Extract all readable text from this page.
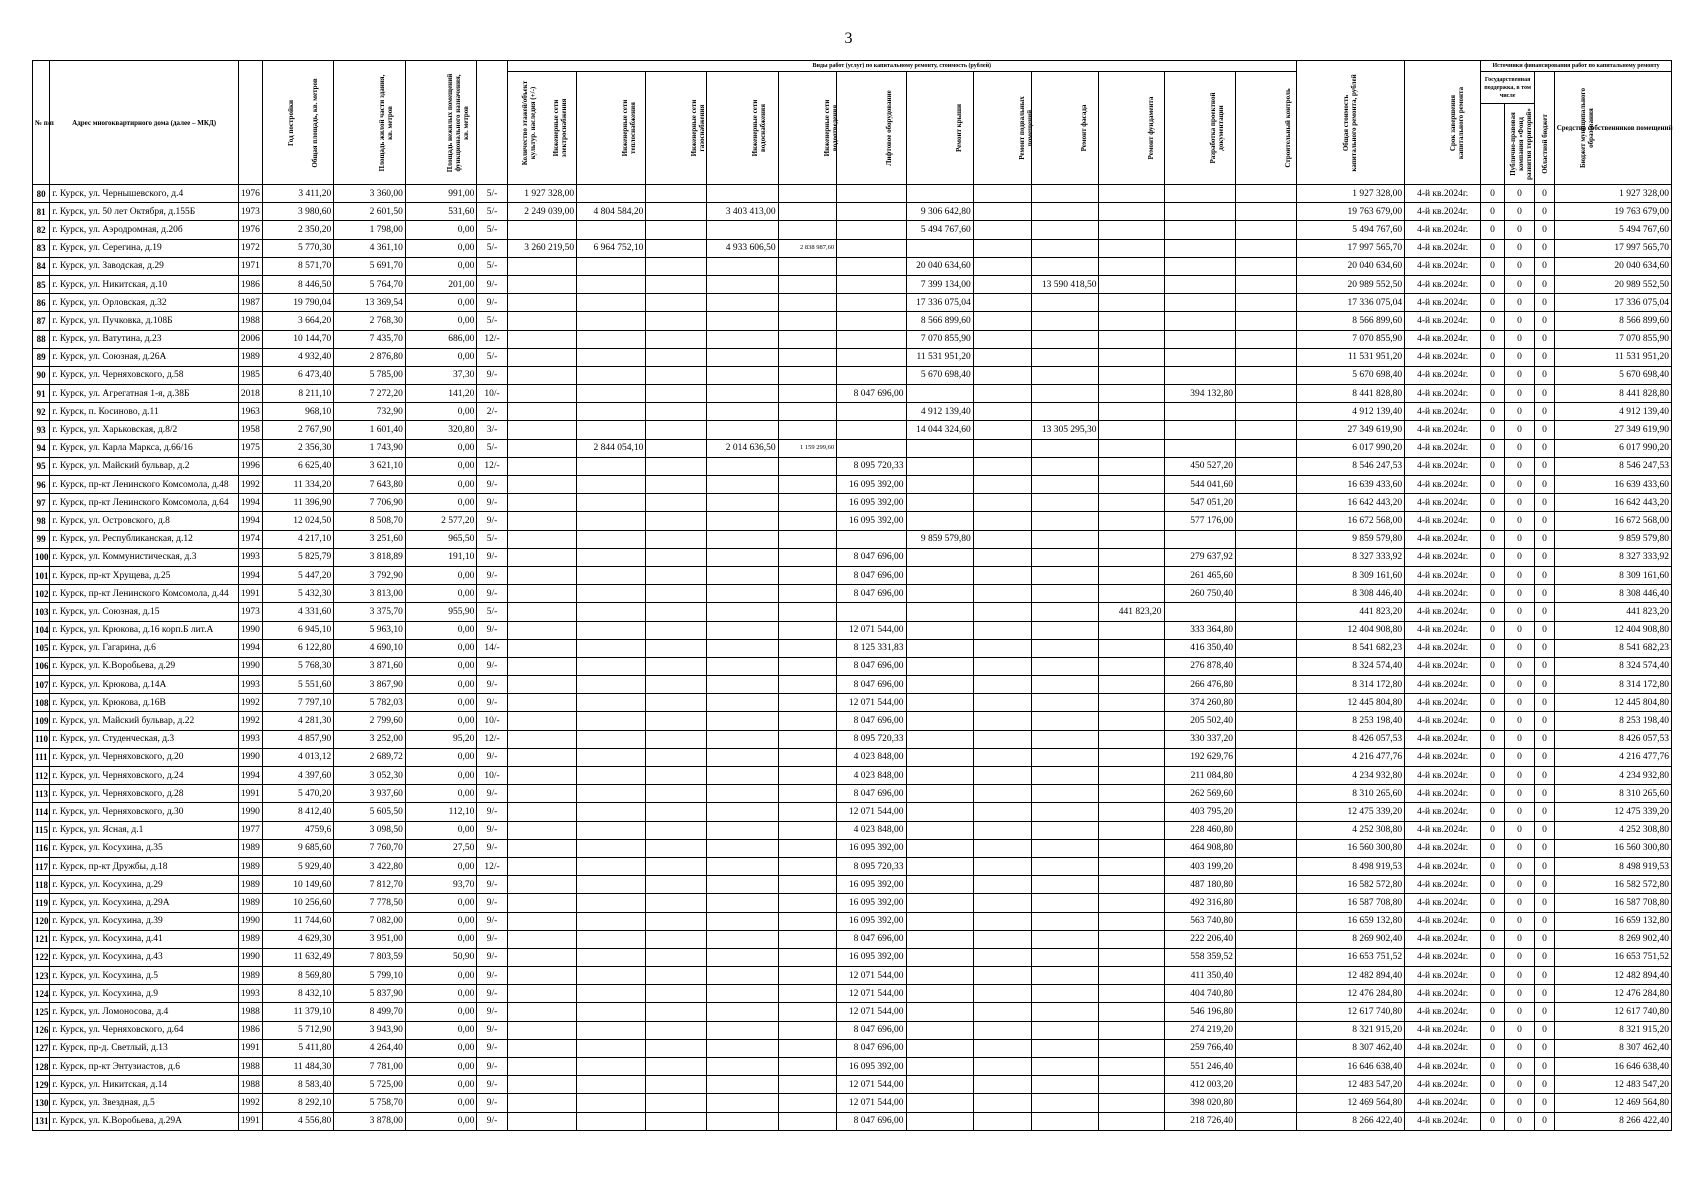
3
№ п/п	Адрес многоквартирного дома (далее – МКД)	Год постройки	Общая площадь, кв. метров	Площадь жилой части здания, кв. метров	Площадь нежилых помещений функционального назначения, кв. метров	Количество этажей/объект культур. наследия (+/-)	Виды работ (услуг) по капитальному ремонту, стоимость (рублей)												Общая стоимость капитального ремонта, рублей	Срок завершения капитального ремонта	Источники финансирования работ по капитальному ремонту			
							Инженерные сети электроснабжения	Инженерные сети теплоснабжения	Инженерные сети газоснабжения	Инженерные сети водоснабжения	Инженерные сети водоотведения	Лифтовое оборудование	Ремонт крыши	Ремонт подвальных помещений	Ремонт фасада	Ремонт фундамента	Разработка проектной документации	Строительный контроль			Государственная поддержка, в том числе		Бюджет муниципального образования	Средства собственников помещений
																					Публично-правовая компания «Фонд развития территорий»	Областной бюджет		
80	г. Курск, ул. Чернышевского, д.4	1976	3 411,20	3 360,00	991,00	5/-	1 927 328,00												1 927 328,00	4-й кв.2024г.	0	0	0	1 927 328,00
81	г. Курск, ул. 50 лет Октября, д.155Б	1973	3 980,60	2 601,50	531,60	5/-	2 249 039,00	4 804 584,20		3 403 413,00			9 306 642,80						19 763 679,00	4-й кв.2024г.	0	0	0	19 763 679,00
82	г. Курск, ул. Аэродромная, д.20б	1976	2 350,20	1 798,00	0,00	5/-							5 494 767,60						5 494 767,60	4-й кв.2024г.	0	0	0	5 494 767,60
83	г. Курск, ул. Серегина, д.19	1972	5 770,30	4 361,10	0,00	5/-	3 260 219,50	6 964 752,10		4 933 606,50	2 838 987,60								17 997 565,70	4-й кв.2024г.	0	0	0	17 997 565,70
84	г. Курск, ул. Заводская, д.29	1971	8 571,70	5 691,70	0,00	5/-							20 040 634,60						20 040 634,60	4-й кв.2024г.	0	0	0	20 040 634,60
85	г. Курск, ул. Никитская, д.10	1986	8 446,50	5 764,70	201,00	9/-							7 399 134,00		13 590 418,50				20 989 552,50	4-й кв.2024г.	0	0	0	20 989 552,50
86	г. Курск, ул. Орловская, д.32	1987	19 790,04	13 369,54	0,00	9/-							17 336 075,04						17 336 075,04	4-й кв.2024г.	0	0	0	17 336 075,04
87	г. Курск, ул. Пучковка, д.108Б	1988	3 664,20	2 768,30	0,00	5/-							8 566 899,60						8 566 899,60	4-й кв.2024г.	0	0	0	8 566 899,60
88	г. Курск, ул. Ватутина, д.23	2006	10 144,70	7 435,70	686,00	12/-							7 070 855,90						7 070 855,90	4-й кв.2024г.	0	0	0	7 070 855,90
89	г. Курск, ул. Союзная, д.26А	1989	4 932,40	2 876,80	0,00	5/-							11 531 951,20						11 531 951,20	4-й кв.2024г.	0	0	0	11 531 951,20
90	г. Курск, ул. Черняховского, д.58	1985	6 473,40	5 785,00	37,30	9/-							5 670 698,40						5 670 698,40	4-й кв.2024г.	0	0	0	5 670 698,40
91	г. Курск, ул. Агрегатная 1-я, д.38Б	2018	8 211,10	7 272,20	141,20	10/-						8 047 696,00					394 132,80		8 441 828,80	4-й кв.2024г.	0	0	0	8 441 828,80
92	г. Курск, п. Косиново, д.11	1963	968,10	732,90	0,00	2/-							4 912 139,40						4 912 139,40	4-й кв.2024г.	0	0	0	4 912 139,40
93	г. Курск, ул. Харьковская, д.8/2	1958	2 767,90	1 601,40	320,80	3/-							14 044 324,60		13 305 295,30				27 349 619,90	4-й кв.2024г.	0	0	0	27 349 619,90
94	г. Курск, ул. Карла Маркса, д.66/16	1975	2 356,30	1 743,90	0,00	5/-		2 844 054,10		2 014 636,50	1 159 299,60								6 017 990,20	4-й кв.2024г.	0	0	0	6 017 990,20
95	г. Курск, ул. Майский бульвар, д.2	1996	6 625,40	3 621,10	0,00	12/-						8 095 720,33					450 527,20		8 546 247,53	4-й кв.2024г.	0	0	0	8 546 247,53
96	г. Курск, пр-кт Ленинского Комсомола, д.48	1992	11 334,20	7 643,80	0,00	9/-						16 095 392,00					544 041,60		16 639 433,60	4-й кв.2024г.	0	0	0	16 639 433,60
97	г. Курск, пр-кт Ленинского Комсомола, д.64	1994	11 396,90	7 706,90	0,00	9/-						16 095 392,00					547 051,20		16 642 443,20	4-й кв.2024г.	0	0	0	16 642 443,20
98	г. Курск, ул. Островского, д.8	1994	12 024,50	8 508,70	2 577,20	9/-						16 095 392,00					577 176,00		16 672 568,00	4-й кв.2024г.	0	0	0	16 672 568,00
99	г. Курск, ул. Республиканская, д.12	1974	4 217,10	3 251,60	965,50	5/-							9 859 579,80						9 859 579,80	4-й кв.2024г.	0	0	0	9 859 579,80
100	г. Курск, ул. Коммунистическая, д.3	1993	5 825,79	3 818,89	191,10	9/-						8 047 696,00					279 637,92		8 327 333,92	4-й кв.2024г.	0	0	0	8 327 333,92
101	г. Курск, пр-кт Хрущева, д.25	1994	5 447,20	3 792,90	0,00	9/-						8 047 696,00					261 465,60		8 309 161,60	4-й кв.2024г.	0	0	0	8 309 161,60
102	г. Курск, пр-кт Ленинского Комсомола, д.44	1991	5 432,30	3 813,00	0,00	9/-						8 047 696,00					260 750,40		8 308 446,40	4-й кв.2024г.	0	0	0	8 308 446,40
103	г. Курск, ул. Союзная, д.15	1973	4 331,60	3 375,70	955,90	5/-										441 823,20			441 823,20	4-й кв.2024г.	0	0	0	441 823,20
104	г. Курск, ул. Крюкова, д.16 корп.Б лит.А	1990	6 945,10	5 963,10	0,00	9/-						12 071 544,00					333 364,80		12 404 908,80	4-й кв.2024г.	0	0	0	12 404 908,80
105	г. Курск, ул. Гагарина, д.6	1994	6 122,80	4 690,10	0,00	14/-						8 125 331,83					416 350,40		8 541 682,23	4-й кв.2024г.	0	0	0	8 541 682,23
106	г. Курск, ул. К.Воробьева, д.29	1990	5 768,30	3 871,60	0,00	9/-						8 047 696,00					276 878,40		8 324 574,40	4-й кв.2024г.	0	0	0	8 324 574,40
107	г. Курск, ул. Крюкова, д.14А	1993	5 551,60	3 867,90	0,00	9/-						8 047 696,00					266 476,80		8 314 172,80	4-й кв.2024г.	0	0	0	8 314 172,80
108	г. Курск, ул. Крюкова, д.16В	1992	7 797,10	5 782,03	0,00	9/-						12 071 544,00					374 260,80		12 445 804,80	4-й кв.2024г.	0	0	0	12 445 804,80
109	г. Курск, ул. Майский бульвар, д.22	1992	4 281,30	2 799,60	0,00	10/-						8 047 696,00					205 502,40		8 253 198,40	4-й кв.2024г.	0	0	0	8 253 198,40
110	г. Курск, ул. Студенческая, д.3	1993	4 857,90	3 252,00	95,20	12/-						8 095 720,33					330 337,20		8 426 057,53	4-й кв.2024г.	0	0	0	8 426 057,53
111	г. Курск, ул. Черняховского, д.20	1990	4 013,12	2 689,72	0,00	9/-						4 023 848,00					192 629,76		4 216 477,76	4-й кв.2024г.	0	0	0	4 216 477,76
112	г. Курск, ул. Черняховского, д.24	1994	4 397,60	3 052,30	0,00	10/-						4 023 848,00					211 084,80		4 234 932,80	4-й кв.2024г.	0	0	0	4 234 932,80
113	г. Курск, ул. Черняховского, д.28	1991	5 470,20	3 937,60	0,00	9/-						8 047 696,00					262 569,60		8 310 265,60	4-й кв.2024г.	0	0	0	8 310 265,60
114	г. Курск, ул. Черняховского, д.30	1990	8 412,40	5 605,50	112,10	9/-						12 071 544,00					403 795,20		12 475 339,20	4-й кв.2024г.	0	0	0	12 475 339,20
115	г. Курск, ул. Ясная, д.1	1977	4759,6	3 098,50	0,00	9/-						4 023 848,00					228 460,80		4 252 308,80	4-й кв.2024г.	0	0	0	4 252 308,80
116	г. Курск, ул. Косухина, д.35	1989	9 685,60	7 760,70	27,50	9/-						16 095 392,00					464 908,80		16 560 300,80	4-й кв.2024г.	0	0	0	16 560 300,80
117	г. Курск, пр-кт Дружбы, д.18	1989	5 929,40	3 422,80	0,00	12/-						8 095 720,33					403 199,20		8 498 919,53	4-й кв.2024г.	0	0	0	8 498 919,53
118	г. Курск, ул. Косухина, д.29	1989	10 149,60	7 812,70	93,70	9/-						16 095 392,00					487 180,80		16 582 572,80	4-й кв.2024г.	0	0	0	16 582 572,80
119	г. Курск, ул. Косухина, д.29А	1989	10 256,60	7 778,50	0,00	9/-						16 095 392,00					492 316,80		16 587 708,80	4-й кв.2024г.	0	0	0	16 587 708,80
120	г. Курск, ул. Косухина, д.39	1990	11 744,60	7 082,00	0,00	9/-						16 095 392,00					563 740,80		16 659 132,80	4-й кв.2024г.	0	0	0	16 659 132,80
121	г. Курск, ул. Косухина, д.41	1989	4 629,30	3 951,00	0,00	9/-						8 047 696,00					222 206,40		8 269 902,40	4-й кв.2024г.	0	0	0	8 269 902,40
122	г. Курск, ул. Косухина, д.43	1990	11 632,49	7 803,59	50,90	9/-						16 095 392,00					558 359,52		16 653 751,52	4-й кв.2024г.	0	0	0	16 653 751,52
123	г. Курск, ул. Косухина, д.5	1989	8 569,80	5 799,10	0,00	9/-						12 071 544,00					411 350,40		12 482 894,40	4-й кв.2024г.	0	0	0	12 482 894,40
124	г. Курск, ул. Косухина, д.9	1993	8 432,10	5 837,90	0,00	9/-						12 071 544,00					404 740,80		12 476 284,80	4-й кв.2024г.	0	0	0	12 476 284,80
125	г. Курск, ул. Ломоносова, д.4	1988	11 379,10	8 499,70	0,00	9/-						12 071 544,00					546 196,80		12 617 740,80	4-й кв.2024г.	0	0	0	12 617 740,80
126	г. Курск, ул. Черняховского, д.64	1986	5 712,90	3 943,90	0,00	9/-						8 047 696,00					274 219,20		8 321 915,20	4-й кв.2024г.	0	0	0	8 321 915,20
127	г. Курск, пр-д. Светлый, д.13	1991	5 411,80	4 264,40	0,00	9/-						8 047 696,00					259 766,40		8 307 462,40	4-й кв.2024г.	0	0	0	8 307 462,40
128	г. Курск, пр-кт Энтузиастов, д.6	1988	11 484,30	7 781,00	0,00	9/-						16 095 392,00					551 246,40		16 646 638,40	4-й кв.2024г.	0	0	0	16 646 638,40
129	г. Курск, ул. Никитская, д.14	1988	8 583,40	5 725,00	0,00	9/-						12 071 544,00					412 003,20		12 483 547,20	4-й кв.2024г.	0	0	0	12 483 547,20
130	г. Курск, ул. Звездная, д.5	1992	8 292,10	5 758,70	0,00	9/-						12 071 544,00					398 020,80		12 469 564,80	4-й кв.2024г.	0	0	0	12 469 564,80
131	г. Курск, ул. К.Воробьева, д.29А	1991	4 556,80	3 878,00	0,00	9/-						8 047 696,00					218 726,40		8 266 422,40	4-й кв.2024г.	0	0	0	8 266 422,40
